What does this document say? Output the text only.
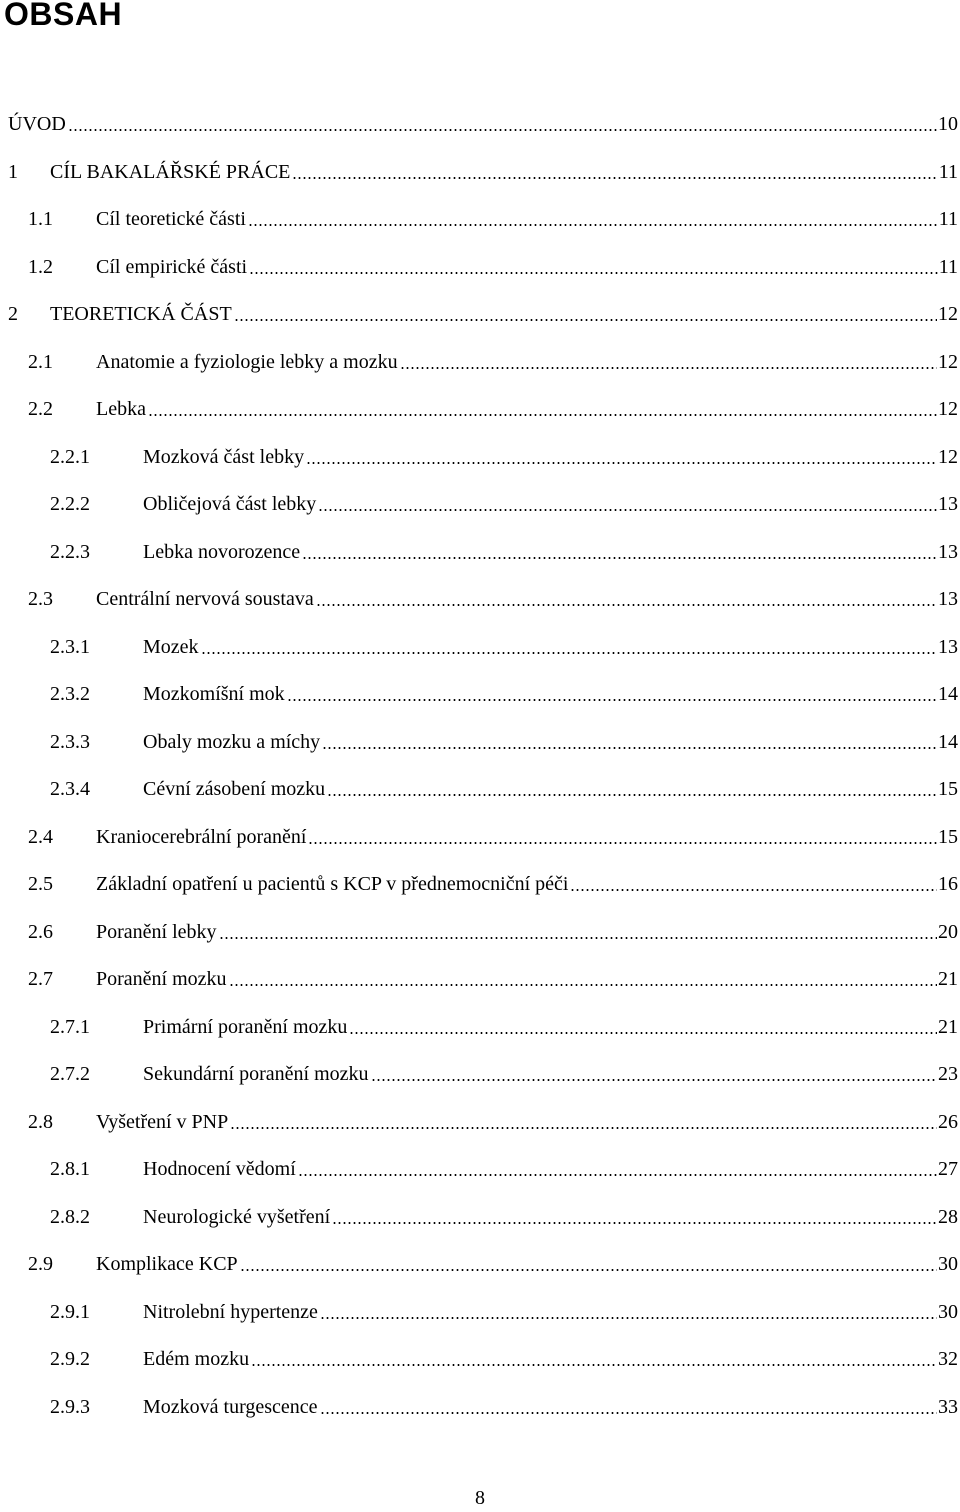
OBSAH
ÚVOD	10
1	CÍL BAKALÁŘSKÉ PRÁCE	11
1.1	Cíl teoretické části	11
1.2	Cíl empirické části	11
2	TEORETICKÁ ČÁST	12
2.1	Anatomie a fyziologie lebky a mozku	12
2.2	Lebka	12
2.2.1	Mozková část lebky	12
2.2.2	Obličejová část lebky	13
2.2.3	Lebka novorozence	13
2.3	Centrální nervová soustava	13
2.3.1	Mozek	13
2.3.2	Mozkomíšní mok	14
2.3.3	Obaly mozku a míchy	14
2.3.4	Cévní zásobení mozku	15
2.4	Kraniocerebrální poranění	15
2.5	Základní opatření u pacientů s KCP v přednemocniční péči	16
2.6	Poranění lebky	20
2.7	Poranění mozku	21
2.7.1	Primární poranění mozku	21
2.7.2	Sekundární poranění mozku	23
2.8	Vyšetření v PNP	26
2.8.1	Hodnocení vědomí	27
2.8.2	Neurologické vyšetření	28
2.9	Komplikace KCP	30
2.9.1	Nitrolební hypertenze	30
2.9.2	Edém mozku	32
2.9.3	Mozková turgescence	33
8
